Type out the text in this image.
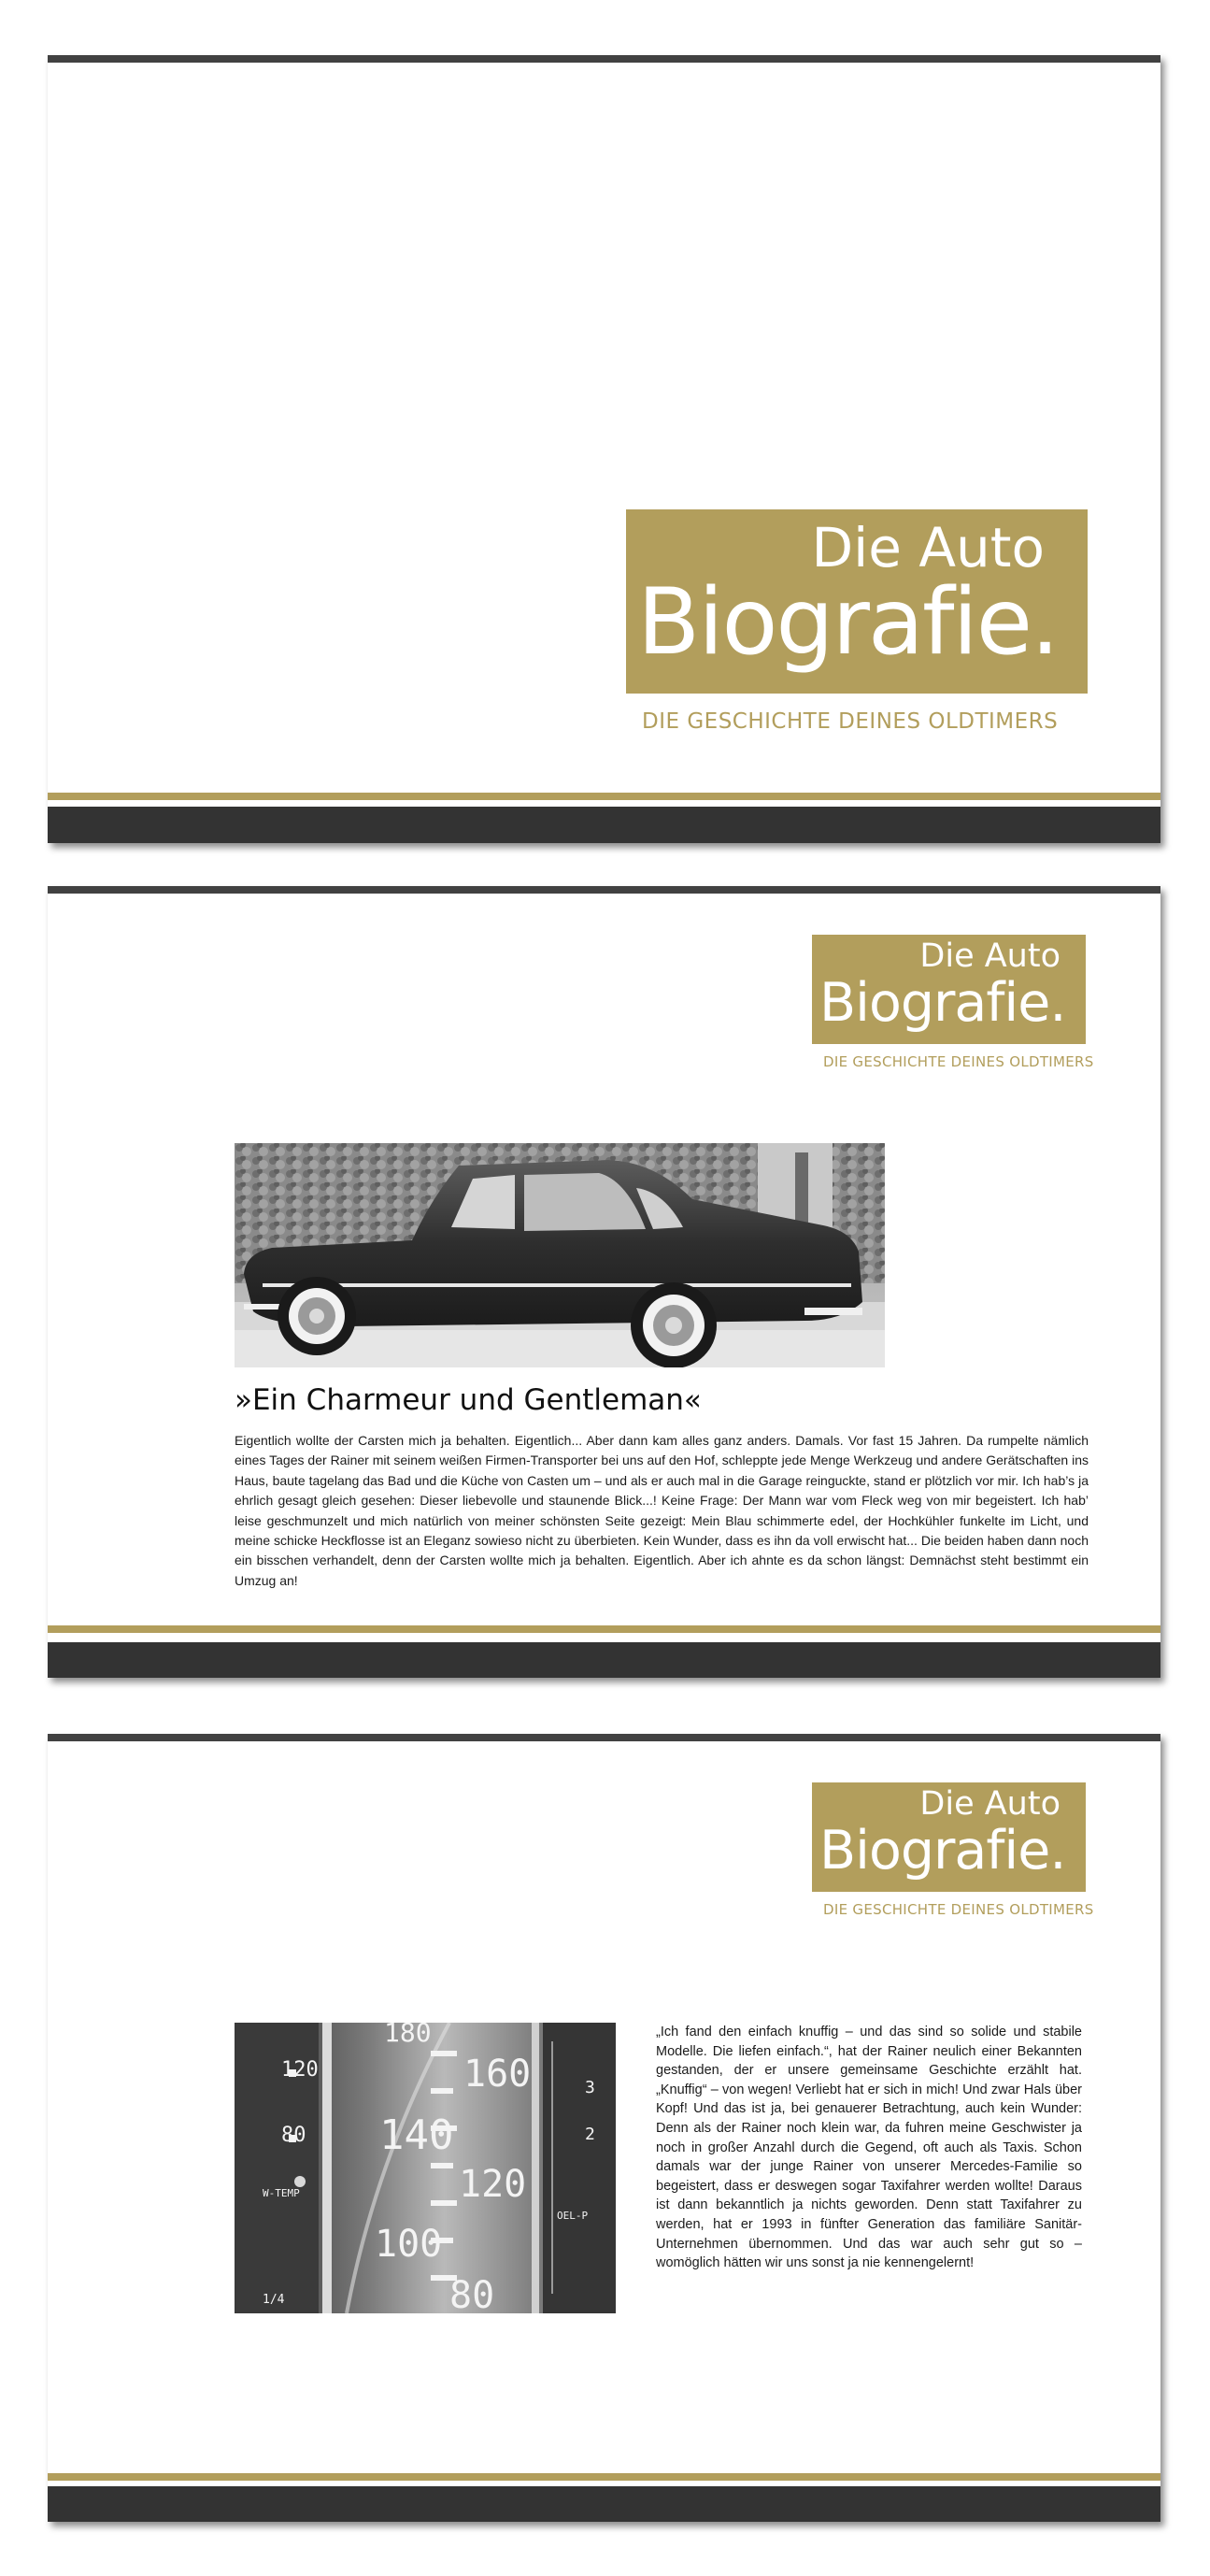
Die Auto
Biografie.
DIE GESCHICHTE DEINES OLDTIMERS
Die Auto
Biografie.
DIE GESCHICHTE DEINES OLDTIMERS
»Ein Charmeur und Gentleman«
Eigentlich wollte der Carsten mich ja behalten. Eigentlich... Aber dann kam alles ganz anders. Damals. Vor fast 15 Jahren. Da rumpelte nämlich eines Tages der Rainer mit seinem weißen Firmen-Transporter bei uns auf den Hof, schleppte jede Menge Werkzeug und andere Gerätschaften ins Haus, baute tagelang das Bad und die Küche von Casten um – und als er auch mal in die Garage reinguckte, stand er plötzlich vor mir. Ich hab’s ja ehrlich gesagt gleich gesehen: Dieser liebevolle und staunende Blick...! Keine Frage: Der Mann war vom Fleck weg von mir begeistert. Ich hab’ leise geschmunzelt und mich natürlich von meiner schönsten Seite gezeigt: Mein Blau schimmerte edel, der Hochkühler funkelte im Licht, und meine schicke Heckflosse ist an Eleganz sowieso nicht zu überbieten. Kein Wunder, dass es ihn da voll erwischt hat... Die beiden haben dann noch ein bisschen verhandelt, denn der Carsten wollte mich ja behalten. Eigentlich. Aber ich ahnte es da schon längst: Demnächst steht bestimmt ein Umzug an!
Die Auto
Biografie.
DIE GESCHICHTE DEINES OLDTIMERS
120
80
W-TEMP
160
140
120
100
80
180
3
2
OEL-P
1/4
„Ich fand den einfach knuffig – und das sind so solide und stabile Modelle. Die liefen einfach.“, hat der Rainer neulich einer Bekannten gestanden, der er unsere gemeinsame Geschichte erzählt hat. „Knuffig“ – von wegen! Verliebt hat er sich in mich! Und zwar Hals über Kopf! Und das ist ja, bei genauerer Betrachtung, auch kein Wunder: Denn als der Rainer noch klein war, da fuhren meine Geschwister ja noch in großer Anzahl durch die Gegend, oft auch als Taxis. Schon damals war der junge Rainer von unserer Mercedes-Familie so begeistert, dass er deswegen sogar Taxifahrer werden wollte! Daraus ist dann bekanntlich ja nichts geworden. Denn statt Taxifahrer zu werden, hat er 1993 in fünfter Generation das familiäre Sanitär-Unternehmen übernommen. Und das war auch sehr gut so – womöglich hätten wir uns sonst ja nie kennengelernt!
